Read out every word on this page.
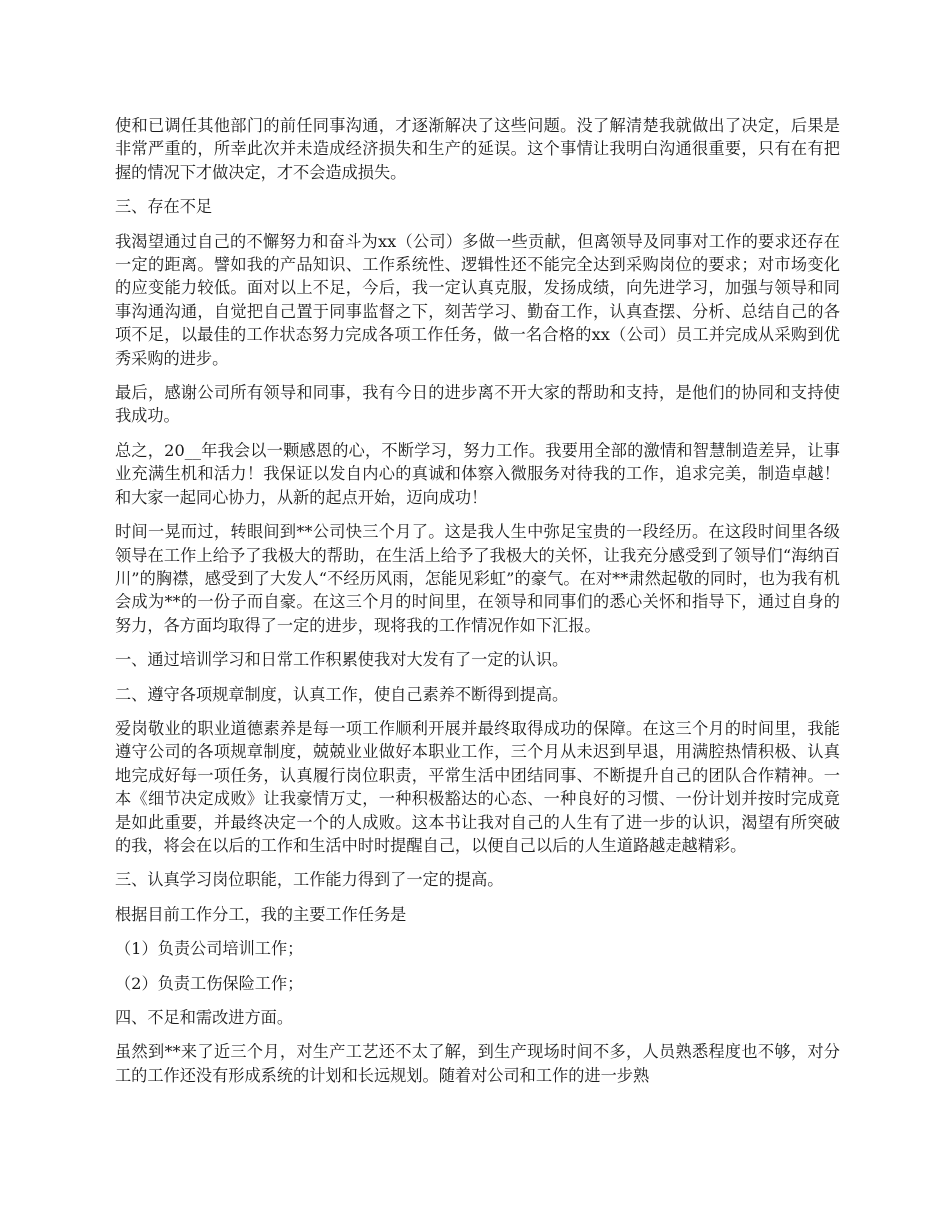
使和已调任其他部门的前任同事沟通，才逐渐解决了这些问题。没了解清楚我就做出了决定，后果是非常严重的，所幸此次并未造成经济损失和生产的延误。这个事情让我明白沟通很重要，只有在有把握的情况下才做决定，才不会造成损失。

三、存在不足

我渴望通过自己的不懈努力和奋斗为xx（公司）多做一些贡献，但离领导及同事对工作的要求还存在一定的距离。譬如我的产品知识、工作系统性、逻辑性还不能完全达到采购岗位的要求；对市场变化的应变能力较低。面对以上不足，今后，我一定认真克服，发扬成绩，向先进学习，加强与领导和同事沟通沟通，自觉把自己置于同事监督之下，刻苦学习、勤奋工作，认真查摆、分析、总结自己的各项不足，以最佳的工作状态努力完成各项工作任务，做一名合格的xx（公司）员工并完成从采购到优秀采购的进步。

最后，感谢公司所有领导和同事，我有今日的进步离不开大家的帮助和支持，是他们的协同和支持使我成功。

总之，20__年我会以一颗感恩的心，不断学习，努力工作。我要用全部的激情和智慧制造差异，让事业充满生机和活力！我保证以发自内心的真诚和体察入微服务对待我的工作，追求完美，制造卓越！和大家一起同心协力，从新的起点开始，迈向成功！

时间一晃而过，转眼间到**公司快三个月了。这是我人生中弥足宝贵的一段经历。在这段时间里各级领导在工作上给予了我极大的帮助，在生活上给予了我极大的关怀，让我充分感受到了领导们“海纳百川”的胸襟，感受到了大发人“不经历风雨，怎能见彩虹”的豪气。在对**肃然起敬的同时，也为我有机会成为**的一份子而自豪。在这三个月的时间里，在领导和同事们的悉心关怀和指导下，通过自身的努力，各方面均取得了一定的进步，现将我的工作情况作如下汇报。

一、通过培训学习和日常工作积累使我对大发有了一定的认识。

二、遵守各项规章制度，认真工作，使自己素养不断得到提高。

爱岗敬业的职业道德素养是每一项工作顺利开展并最终取得成功的保障。在这三个月的时间里，我能遵守公司的各项规章制度，兢兢业业做好本职业工作，三个月从未迟到早退，用满腔热情积极、认真地完成好每一项任务，认真履行岗位职责，平常生活中团结同事、不断提升自己的团队合作精神。一本《细节决定成败》让我豪情万丈，一种积极豁达的心态、一种良好的习惯、一份计划并按时完成竟是如此重要，并最终决定一个的人成败。这本书让我对自己的人生有了进一步的认识，渴望有所突破的我，将会在以后的工作和生活中时时提醒自己，以便自己以后的人生道路越走越精彩。

三、认真学习岗位职能，工作能力得到了一定的提高。

根据目前工作分工，我的主要工作任务是

（1）负责公司培训工作；

（2）负责工伤保险工作；

四、不足和需改进方面。

虽然到**来了近三个月，对生产工艺还不太了解，到生产现场时间不多，人员熟悉程度也不够，对分工的工作还没有形成系统的计划和长远规划。随着对公司和工作的进一步熟
